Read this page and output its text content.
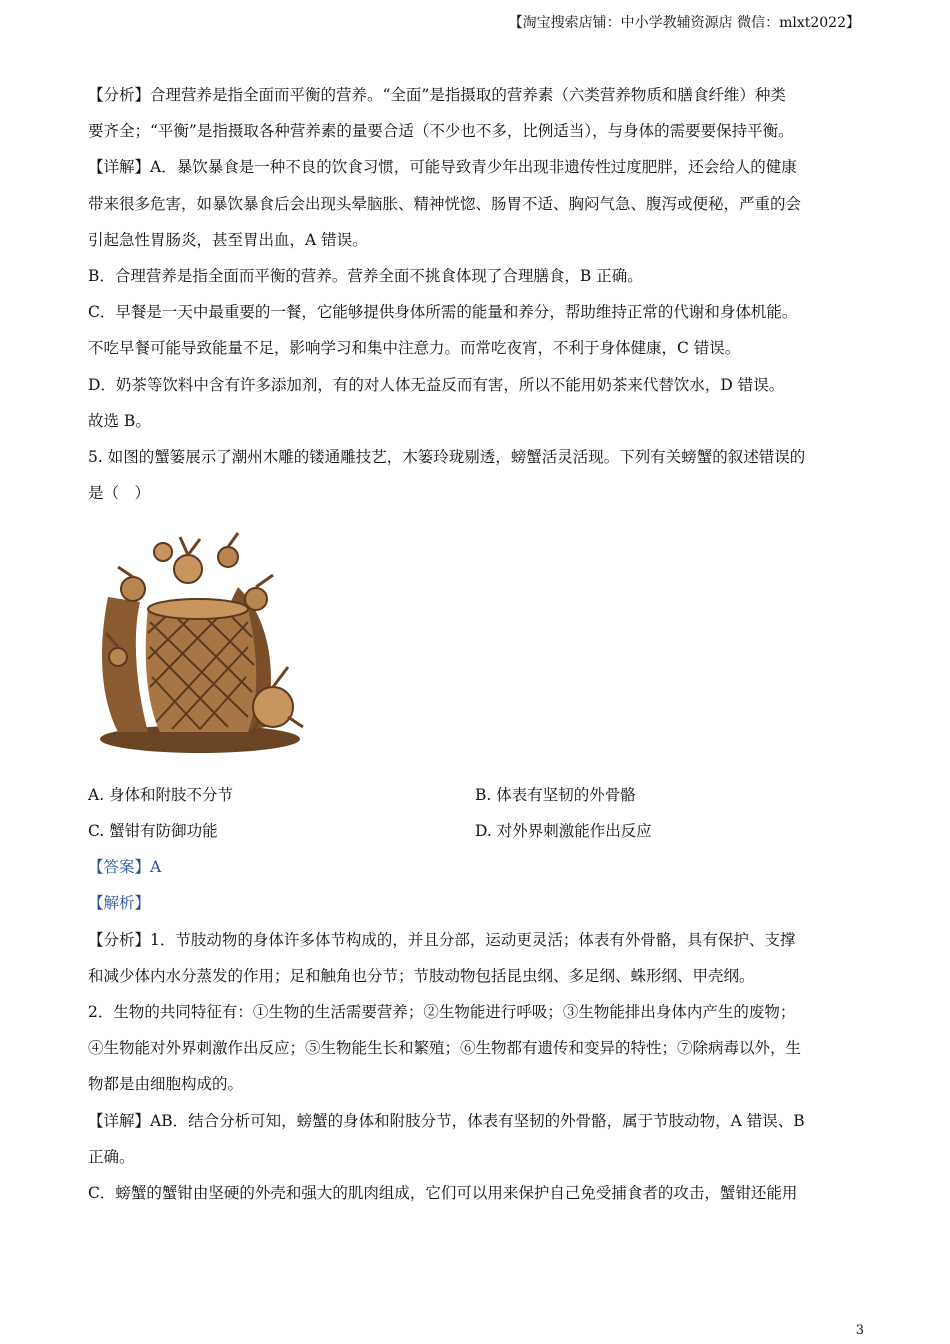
【淘宝搜索店铺：中小学教辅资源店 微信：mlxt2022】
【分析】合理营养是指全面而平衡的营养。“全面”是指摄取的营养素（六类营养物质和膳食纤维）种类
要齐全；“平衡”是指摄取各种营养素的量要合适（不少也不多，比例适当），与身体的需要要保持平衡。
【详解】A．暴饮暴食是一种不良的饮食习惯，可能导致青少年出现非遗传性过度肥胖，还会给人的健康
带来很多危害，如暴饮暴食后会出现头晕脑胀、精神恍惚、肠胃不适、胸闷气急、腹泻或便秘，严重的会
引起急性胃肠炎，甚至胃出血，A 错误。
B．合理营养是指全面而平衡的营养。营养全面不挑食体现了合理膳食，B 正确。
C．早餐是一天中最重要的一餐，它能够提供身体所需的能量和养分，帮助维持正常的代谢和身体机能。
不吃早餐可能导致能量不足，影响学习和集中注意力。而常吃夜宵，不利于身体健康，C 错误。
D．奶茶等饮料中含有许多添加剂，有的对人体无益反而有害，所以不能用奶茶来代替饮水，D 错误。
故选 B。
5. 如图的蟹篓展示了潮州木雕的镂通雕技艺，木篓玲珑剔透，螃蟹活灵活现。下列有关螃蟹的叙述错误的
是（　）
A. 身体和附肢不分节	B. 体表有坚韧的外骨骼
C. 蟹钳有防御功能	D. 对外界刺激能作出反应
【答案】A
【解析】
【分析】1．节肢动物的身体许多体节构成的，并且分部，运动更灵活；体表有外骨骼，具有保护、支撑
和减少体内水分蒸发的作用；足和触角也分节；节肢动物包括昆虫纲、多足纲、蛛形纲、甲壳纲。
2．生物的共同特征有：①生物的生活需要营养；②生物能进行呼吸；③生物能排出身体内产生的废物；
④生物能对外界刺激作出反应；⑤生物能生长和繁殖；⑥生物都有遗传和变异的特性；⑦除病毒以外，生
物都是由细胞构成的。
【详解】AB．结合分析可知，螃蟹的身体和附肢分节，体表有坚韧的外骨骼，属于节肢动物，A 错误、B
正确。
C．螃蟹的蟹钳由坚硬的外壳和强大的肌肉组成，它们可以用来保护自己免受捕食者的攻击，蟹钳还能用
3
